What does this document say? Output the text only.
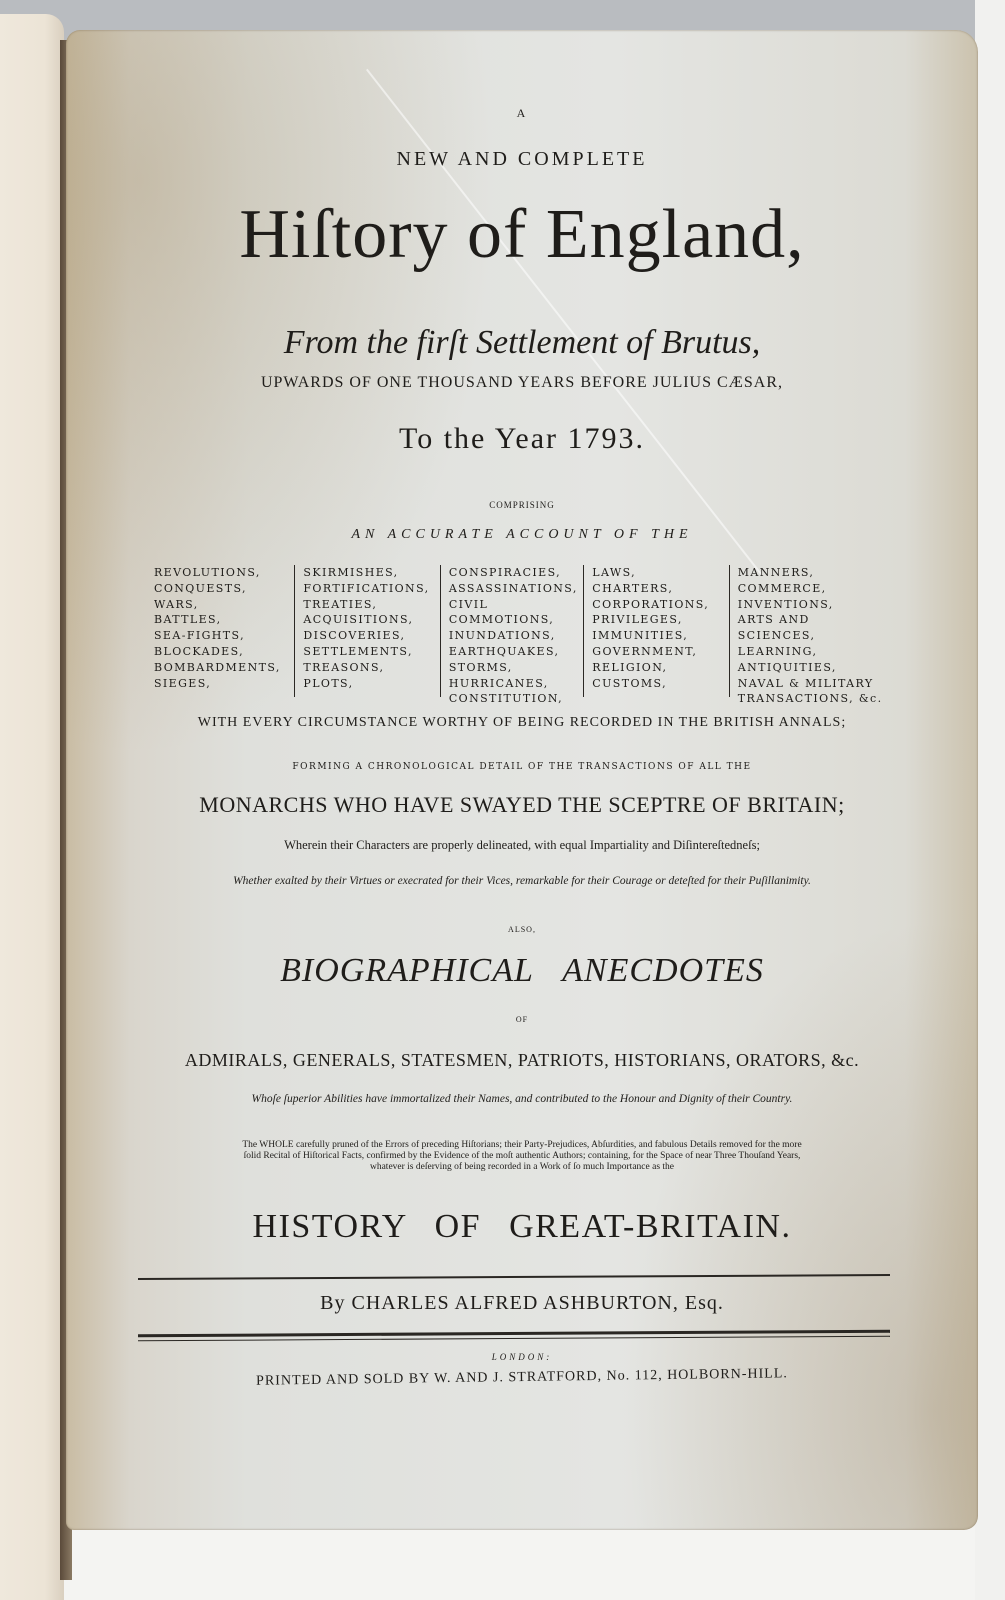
A
NEW AND COMPLETE
Hiſtory of England,
From the firſt Settlement of Brutus,
UPWARDS OF ONE THOUSAND YEARS BEFORE JULIUS CÆSAR,
To the Year 1793.
COMPRISING
AN ACCURATE ACCOUNT OF THE
REVOLUTIONS,
CONQUESTS,
WARS,
BATTLES,
SEA-FIGHTS,
BLOCKADES,
BOMBARDMENTS,
SIEGES,
SKIRMISHES,
FORTIFICATIONS,
TREATIES,
ACQUISITIONS,
DISCOVERIES,
SETTLEMENTS,
TREASONS,
PLOTS,
CONSPIRACIES,
ASSASSINATIONS,
CIVIL COMMOTIONS,
INUNDATIONS,
EARTHQUAKES,
STORMS,
HURRICANES,
CONSTITUTION,
LAWS,
CHARTERS,
CORPORATIONS,
PRIVILEGES,
IMMUNITIES,
GOVERNMENT,
RELIGION,
CUSTOMS,
MANNERS,
COMMERCE,
INVENTIONS,
ARTS AND SCIENCES,
LEARNING,
ANTIQUITIES,
NAVAL & MILITARY
TRANSACTIONS, &c.
WITH EVERY CIRCUMSTANCE WORTHY OF BEING RECORDED IN THE BRITISH ANNALS;
FORMING A CHRONOLOGICAL DETAIL OF THE TRANSACTIONS OF ALL THE
MONARCHS WHO HAVE SWAYED THE SCEPTRE OF BRITAIN;
Wherein their Characters are properly delineated, with equal Impartiality and Diſintereſtedneſs;
Whether exalted by their Virtues or execrated for their Vices, remarkable for their Courage or deteſted for their Puſillanimity.
ALSO,
BIOGRAPHICAL ANECDOTES
OF
ADMIRALS, GENERALS, STATESMEN, PATRIOTS, HISTORIANS, ORATORS, &c.
Whoſe ſuperior Abilities have immortalized their Names, and contributed to the Honour and Dignity of their Country.
The WHOLE carefully pruned of the Errors of preceding Hiſtorians; their Party-Prejudices, Abſurdities, and fabulous Details removed for the more
ſolid Recital of Hiſtorical Facts, confirmed by the Evidence of the moſt authentic Authors; containing, for the Space of near Three Thouſand Years,
whatever is deſerving of being recorded in a Work of ſo much Importance as the
HISTORY OF GREAT-BRITAIN.
By CHARLES ALFRED ASHBURTON, Esq.
LONDON:
PRINTED AND SOLD BY W. AND J. STRATFORD, No. 112, HOLBORN-HILL.
